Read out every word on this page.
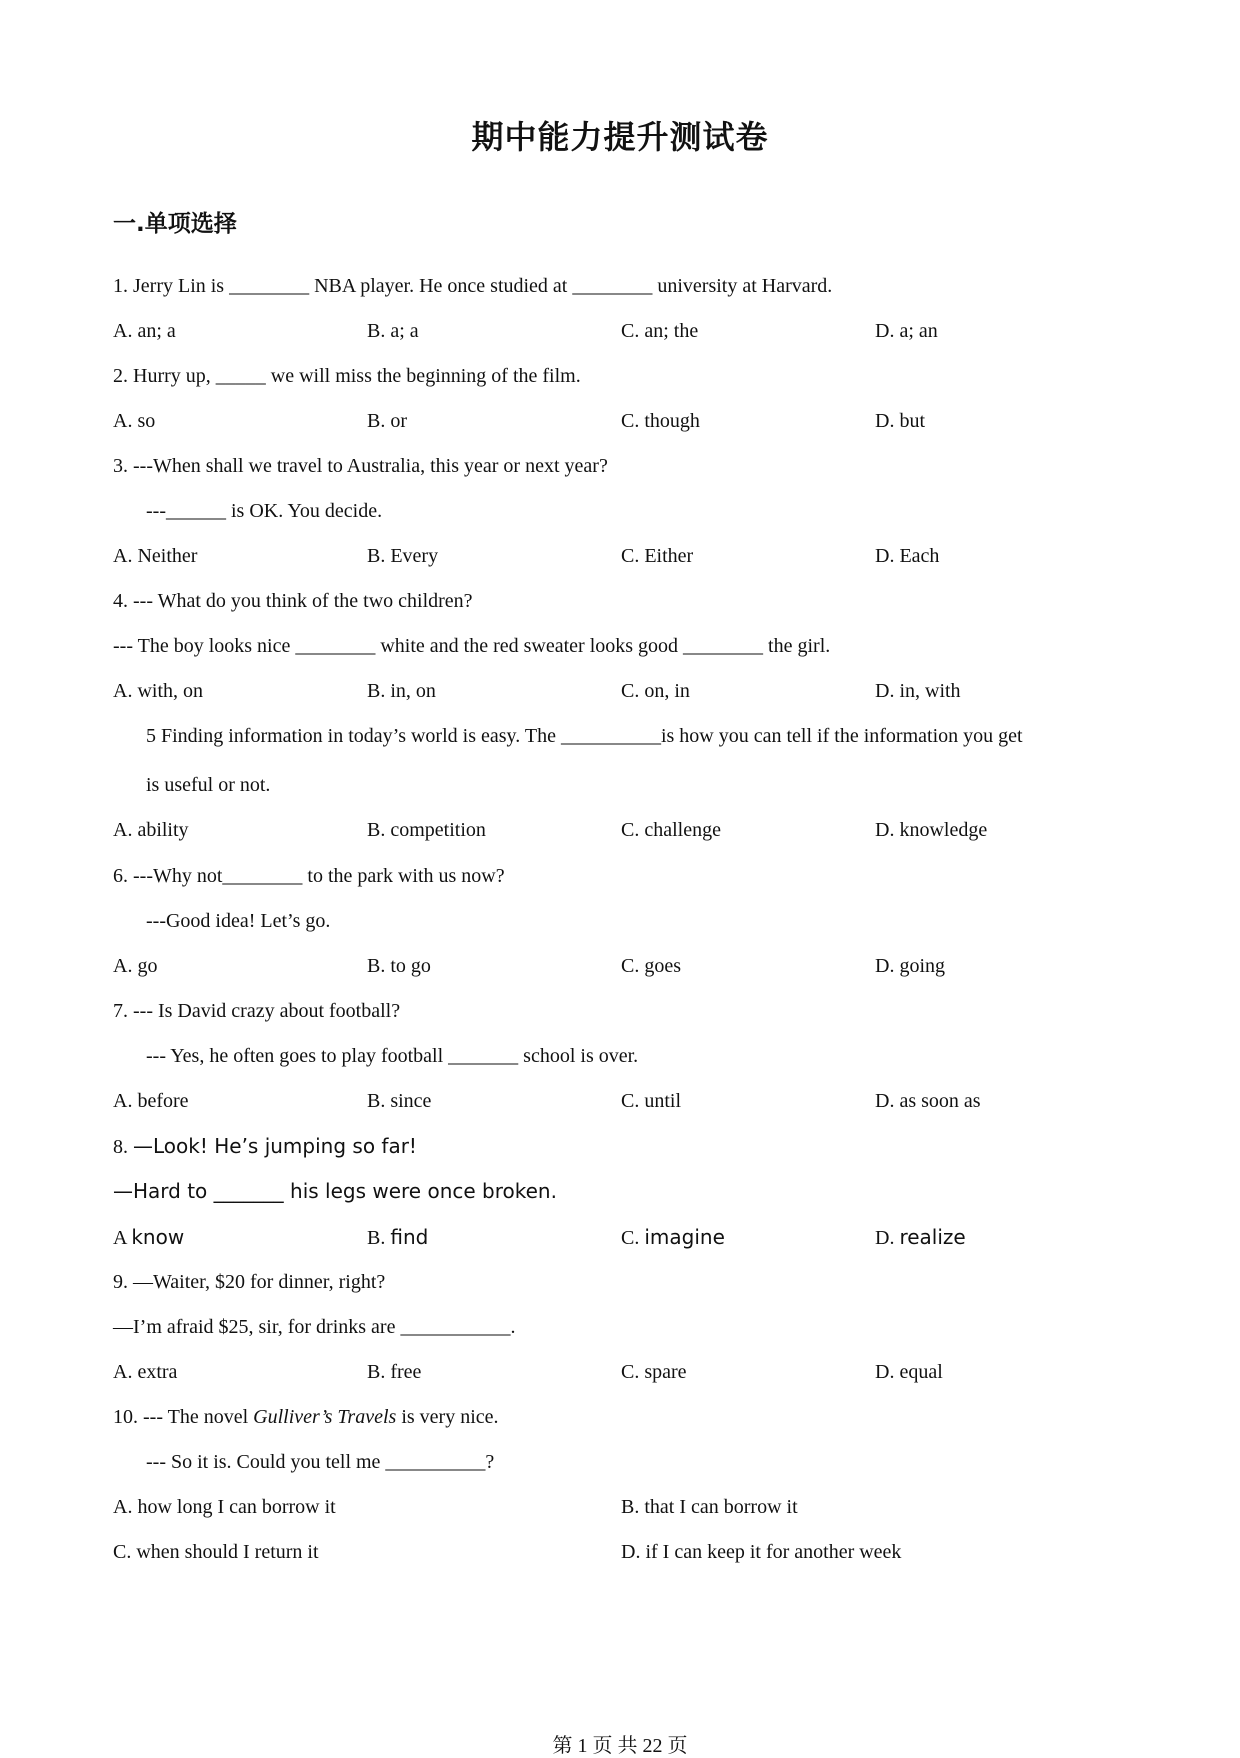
期中能力提升测试卷
一.单项选择
1. Jerry Lin is ________ NBA player. He once studied at ________ university at Harvard.
A. an; a	B. a; a	C. an; the	D. a; an
2. Hurry up, _____ we will miss the beginning of the film.
A. so	B. or	C. though	D. but
3. ---When shall we travel to Australia, this year or next year?
---______ is OK. You decide.
A. Neither	B. Every	C. Either	D. Each
4. --- What do you think of the two children?
--- The boy looks nice ________ white and the red sweater looks good ________ the girl.
A. with, on	B. in, on	C. on, in	D. in, with
5 Finding information in today’s world is easy. The __________is how you can tell if the information you get
is useful or not.
A. ability	B. competition	C. challenge	D. knowledge
6. ---Why not________ to the park with us now?
---Good idea! Let’s go.
A. go	B. to go	C. goes	D. going
7. --- Is David crazy about football?
--- Yes, he often goes to play football _______ school is over.
A. before	B. since	C. until	D. as soon as
8. —Look! He’s jumping so far!
—Hard to _______ his legs were once broken.
A know	B. find	C. imagine	D. realize
9. —Waiter, $20 for dinner, right?
—I’m afraid $25, sir, for drinks are ___________.
A. extra	B. free	C. spare	D. equal
10. --- The novel Gulliver’s Travels is very nice.
--- So it is. Could you tell me __________?
A. how long I can borrow it	B. that I can borrow it
C. when should I return it	D. if I can keep it for another week
第 1 页 共 22 页
